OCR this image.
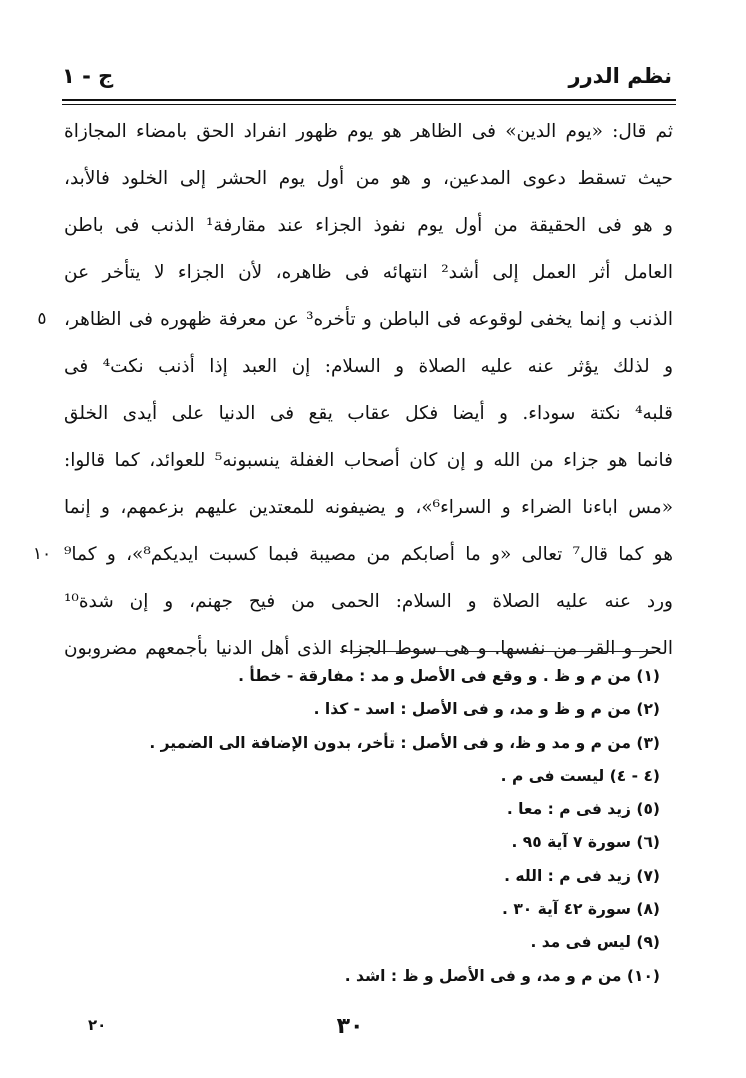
نظم الدرر
ج - ١
ثم قال: «يوم الدين» فى الظاهر هو يوم ظهور انفراد الحق بامضاء المجازاة
حيث تسقط دعوى المدعين، و هو من أول يوم الحشر إلى الخلود فالأبد،
و هو فى الحقيقة من أول يوم نفوذ الجزاء عند مقارفة¹ الذنب فى باطن
العامل أثر العمل إلى أشد² انتهائه فى ظاهره، لأن الجزاء لا يتأخر عن
الذنب و إنما يخفى لوقوعه فى الباطن و تأخره³ عن معرفة ظهوره فى الظاهر،
و لذلك يؤثر عنه عليه الصلاة و السلام: إن العبد إذا أذنب نكت⁴ فى
قلبه⁴ نكتة سوداء. و أيضا فكل عقاب يقع فى الدنيا على أيدى الخلق
فانما هو جزاء من الله و إن كان أصحاب الغفلة ينسبونه⁵ للعوائد، كما قالوا:
«مس اباءنا الضراء و السراء⁶»، و يضيفونه للمعتدين عليهم بزعمهم، و إنما
هو كما قال⁷ تعالى «و ما أصابكم من مصيبة فبما كسبت ايديكم⁸»، و كما⁹
ورد عنه عليه الصلاة و السلام: الحمى من فيح جهنم، و إن شدة¹⁰
الحر و القر من نفسها. و هى سوط الجزاء الذى أهل الدنيا بأجمعهم مضروبون
٥
١٠
(١) من م و ظ . و وقع فى الأصل و مد : مفارقة - خطأ .
(٢) من م و ظ و مد، و فى الأصل : اسد - كذا .
(٣) من م و مد و ظ، و فى الأصل : تأخر، بدون الإضافة الى الضمير .
(٤ - ٤) ليست فى م .
(٥) زيد فى م : معا .
(٦) سورة ٧ آية ٩٥ .
(٧) زيد فى م : الله .
(٨) سورة ٤٢ آية ٣٠ .
(٩) ليس فى مد .
(١٠) من م و مد، و فى الأصل و ظ : اشد .
٣٠
٢٠
